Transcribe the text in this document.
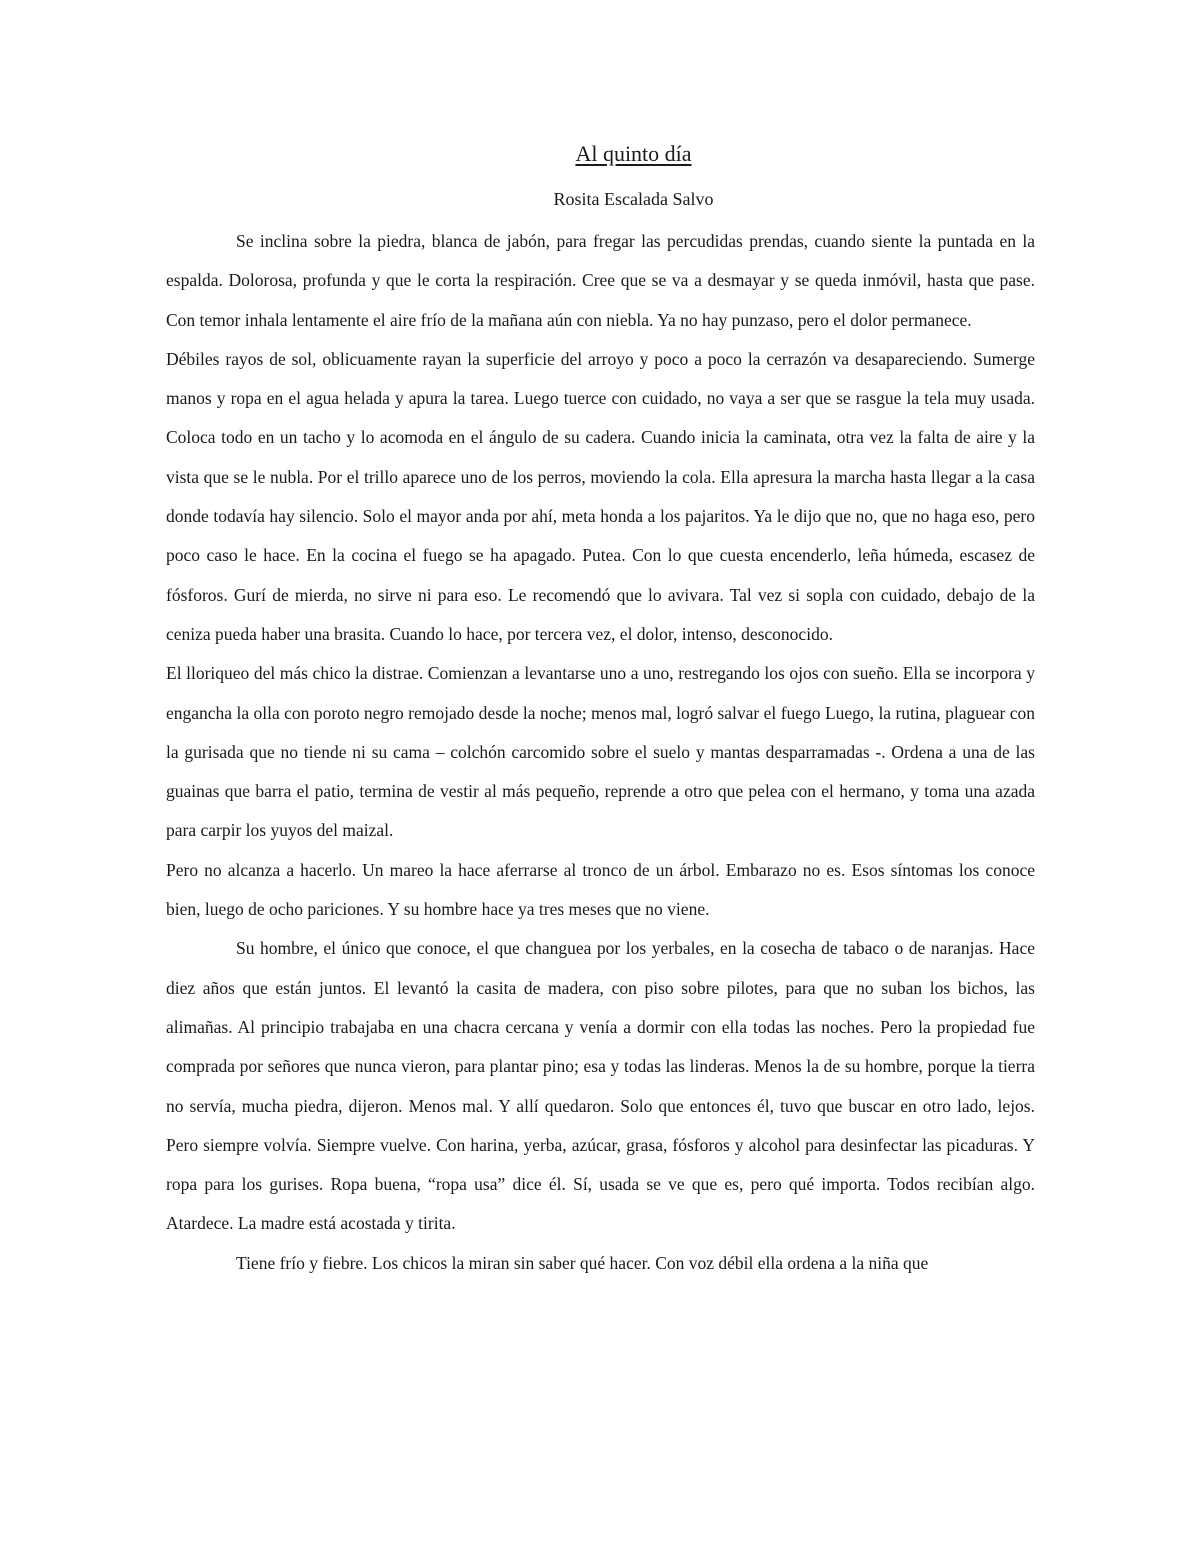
Al quinto día
Rosita Escalada Salvo

Se inclina sobre la piedra, blanca de jabón, para fregar las percudidas prendas, cuando siente la puntada en la espalda. Dolorosa, profunda y que le corta la respiración. Cree que se va a desmayar y se queda inmóvil, hasta que pase. Con temor inhala lentamente el aire frío de la mañana aún con niebla. Ya no hay punzaso, pero el dolor permanece.

Débiles rayos de sol, oblicuamente rayan la superficie del arroyo y poco a poco la cerrazón va desapareciendo. Sumerge manos y ropa en el agua helada y apura la tarea. Luego tuerce con cuidado, no vaya a ser que se rasgue la tela muy usada. Coloca todo en un tacho y lo acomoda en el ángulo de su cadera. Cuando inicia la caminata, otra vez la falta de aire y la vista que se le nubla. Por el trillo aparece uno de los perros, moviendo la cola. Ella apresura la marcha hasta llegar a la casa donde todavía hay silencio. Solo el mayor anda por ahí, meta honda a los pajaritos. Ya le dijo que no, que no haga eso, pero poco caso le hace. En la cocina el fuego se ha apagado. Putea. Con lo que cuesta encenderlo, leña húmeda, escasez de fósforos. Gurí de mierda, no sirve ni para eso. Le recomendó que lo avivara. Tal vez si sopla con cuidado, debajo de la ceniza pueda haber una brasita. Cuando lo hace, por tercera vez, el dolor, intenso, desconocido.

El lloriqueo del más chico la distrae. Comienzan a levantarse uno a uno, restregando los ojos con sueño. Ella se incorpora y engancha la olla con poroto negro remojado desde la noche; menos mal, logró salvar el fuego Luego, la rutina, plaguear con la gurisada que no tiende ni su cama – colchón carcomido sobre el suelo y mantas desparramadas -. Ordena a una de las guainas que barra el patio, termina de vestir al más pequeño, reprende a otro que pelea con el hermano, y toma una azada para carpir los yuyos del maizal.

Pero no alcanza a hacerlo. Un mareo la hace aferrarse al tronco de un árbol. Embarazo no es. Esos síntomas los conoce bien, luego de ocho pariciones. Y su hombre hace ya tres meses que no viene.

Su hombre, el único que conoce, el que changuea por los yerbales, en la cosecha de tabaco o de naranjas. Hace diez años que están juntos. El levantó la casita de madera, con piso sobre pilotes, para que no suban los bichos, las alimañas. Al principio trabajaba en una chacra cercana y venía a dormir con ella todas las noches. Pero la propiedad fue comprada por señores que nunca vieron, para plantar pino; esa y todas las linderas. Menos la de su hombre, porque la tierra no servía, mucha piedra, dijeron. Menos mal. Y allí quedaron. Solo que entonces él, tuvo que buscar en otro lado, lejos. Pero siempre volvía. Siempre vuelve. Con harina, yerba, azúcar, grasa, fósforos y alcohol para desinfectar las picaduras. Y ropa para los gurises. Ropa buena, “ropa usa” dice él. Sí, usada se ve que es, pero qué importa. Todos recibían algo. Atardece. La madre está acostada y tirita.

Tiene frío y fiebre. Los chicos la miran sin saber qué hacer. Con voz débil ella ordena a la niña que
